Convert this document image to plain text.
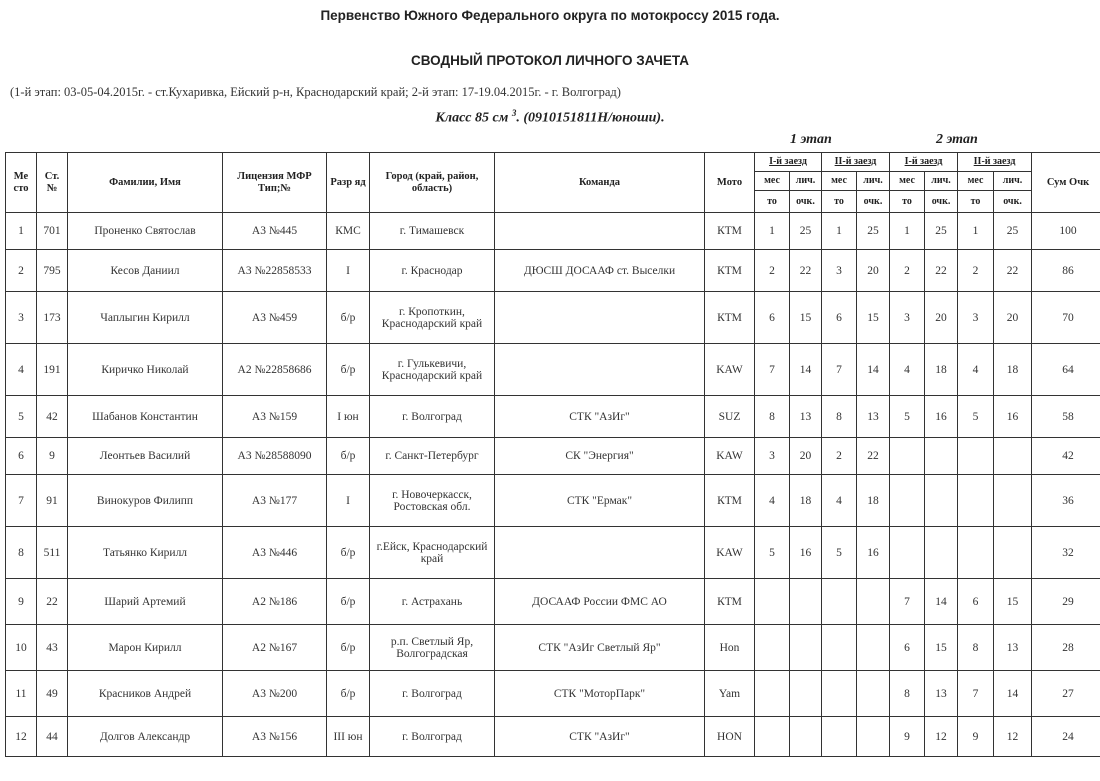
Первенство Южного Федерального округа по мотокроссу 2015 года.
СВОДНЫЙ ПРОТОКОЛ ЛИЧНОГО ЗАЧЕТА
(1-й этап: 03-05-04.2015г. - ст.Кухаривка, Ейский р-н, Краснодарский край; 2-й этап: 17-19.04.2015г. - г. Волгоград)
Класс 85 см $^3$. (0910151811Н/юноши).
1 этап	2 этап
Ме сто	Ст. №	Фамилии, Имя	Лицензия МФР Тип;№	Разр яд	Город (край, район, область)	Команда	Мото	I-й заезд		II-й заезд		I-й заезд		II-й заезд		Сум Очк
								мес	лич.	мес	лич.	мес	лич.	мес	лич.	
								то	очк.	то	очк.	то	очк.	то	очк.	
1	701	Проненко Святослав	А3 №445	КМС	г. Тимашевск		КТМ	1	25	1	25	1	25	1	25	100
2	795	Кесов Даниил	А3 №22858533	I	г. Краснодар	ДЮСШ ДОСААФ ст. Выселки	КТМ	2	22	3	20	2	22	2	22	86
3	173	Чаплыгин Кирилл	А3 №459	б/р	г. Кропоткин, Краснодарский край		КТМ	6	15	6	15	3	20	3	20	70
4	191	Киричко Николай	А2 №22858686	б/р	г. Гулькевичи, Краснодарский край		KAW	7	14	7	14	4	18	4	18	64
5	42	Шабанов Константин	А3 №159	I юн	г. Волгоград	СТК "АзИг"	SUZ	8	13	8	13	5	16	5	16	58
6	9	Леонтьев Василий	А3 №28588090	б/р	г. Санкт-Петербург	СК "Энергия"	KAW	3	20	2	22					42
7	91	Винокуров Филипп	А3 №177	I	г. Новочеркасск, Ростовская обл.	СТК "Ермак"	КТМ	4	18	4	18					36
8	511	Татьянко Кирилл	А3 №446	б/р	г.Ейск, Краснодарский край		KAW	5	16	5	16					32
9	22	Шарий Артемий	А2 №186	б/р	г. Астрахань	ДОСААФ России ФМС АО	КТМ					7	14	6	15	29
10	43	Марон Кирилл	А2 №167	б/р	р.п. Светлый Яр, Волгоградская	СТК "АзИг Светлый Яр"	Hon					6	15	8	13	28
11	49	Красников Андрей	А3 №200	б/р	г. Волгоград	СТК "МоторПарк"	Yam					8	13	7	14	27
12	44	Долгов Александр	А3 №156	III юн	г. Волгоград	СТК "АзИг"	HON					9	12	9	12	24
